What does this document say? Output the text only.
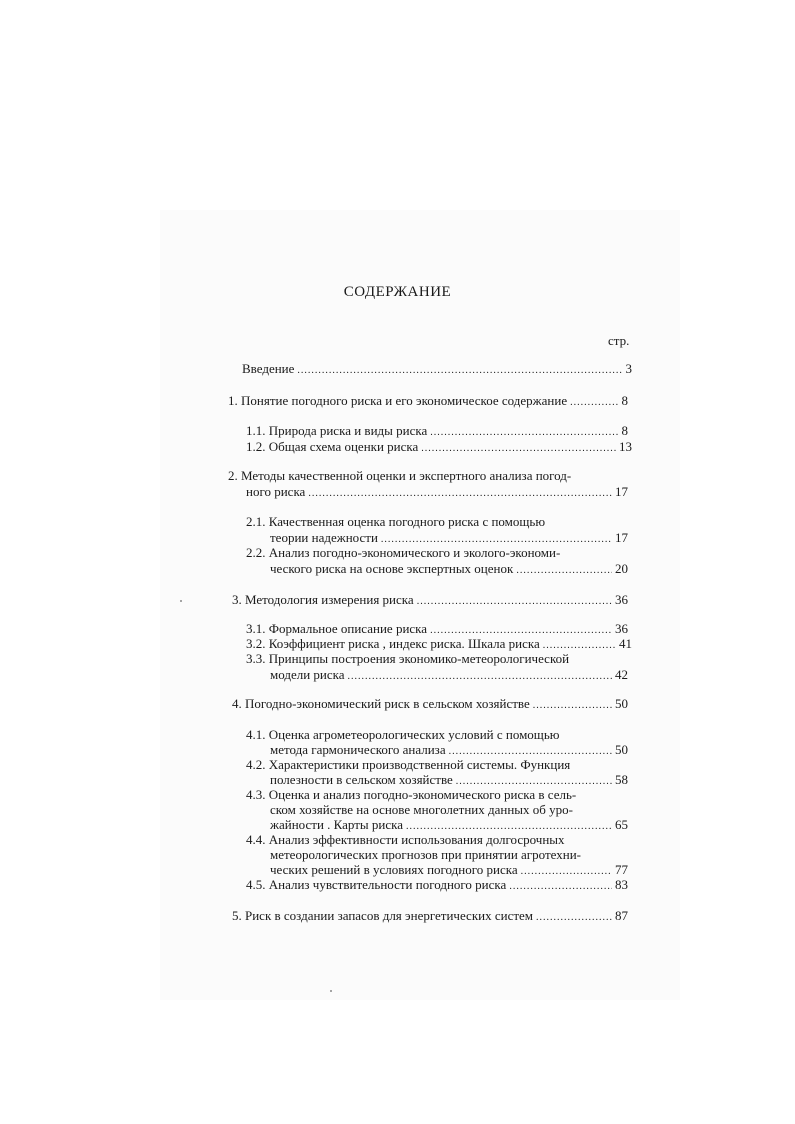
СОДЕРЖАНИЕ
стр.
Введение .....	3
1. Понятие погодного риска и его экономическое содержание .....	8
1.1. Природа риска и виды риска .....	8
1.2. Общая схема оценки риска .....	13
2. Методы качественной оценки и экспертного анализа погод-
ного риска .....	17
2.1. Качественная оценка погодного риска с помощью
теории надежности .....	17
2.2. Анализ погодно-экономического и эколого-экономи-
ческого риска на основе экспертных оценок .....	20
3. Методология измерения риска .....	36
3.1. Формальное описание риска .....	36
3.2. Коэффициент риска , индекс риска. Шкала риска .....	41
3.3. Принципы построения экономико-метеорологической
модели риска .....	42
4. Погодно-экономический риск в сельском хозяйстве .....	50
4.1. Оценка агрометеорологических условий с помощью
метода гармонического анализа .....	50
4.2. Характеристики производственной системы. Функция
полезности в сельском хозяйстве .....	58
4.3. Оценка и анализ погодно-экономического риска в сель-
ском хозяйстве на основе многолетних данных об уро-
жайности . Карты риска .....	65
4.4. Анализ эффективности использования долгосрочных
метеорологических прогнозов при принятии агротехни-
ческих решений в условиях погодного риска .....	77
4.5. Анализ чувствительности погодного риска .....	83
5. Риск в создании запасов для энергетических систем .....	87
